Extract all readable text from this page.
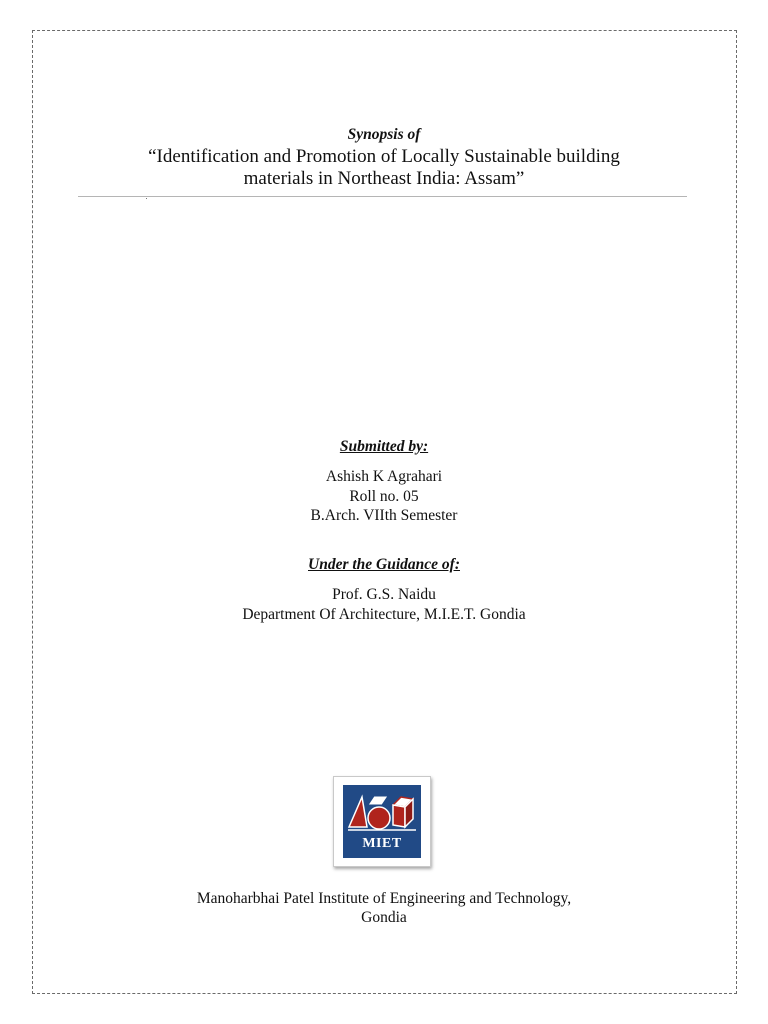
Synopsis of
“Identification and Promotion of Locally Sustainable building
materials in Northeast India: Assam”
Submitted by:
Ashish K Agrahari
Roll no. 05
B.Arch. VIIth Semester
Under the Guidance of:
Prof. G.S. Naidu
Department Of Architecture, M.I.E.T. Gondia
MIET
Manoharbhai Patel Institute of Engineering and Technology,
Gondia
